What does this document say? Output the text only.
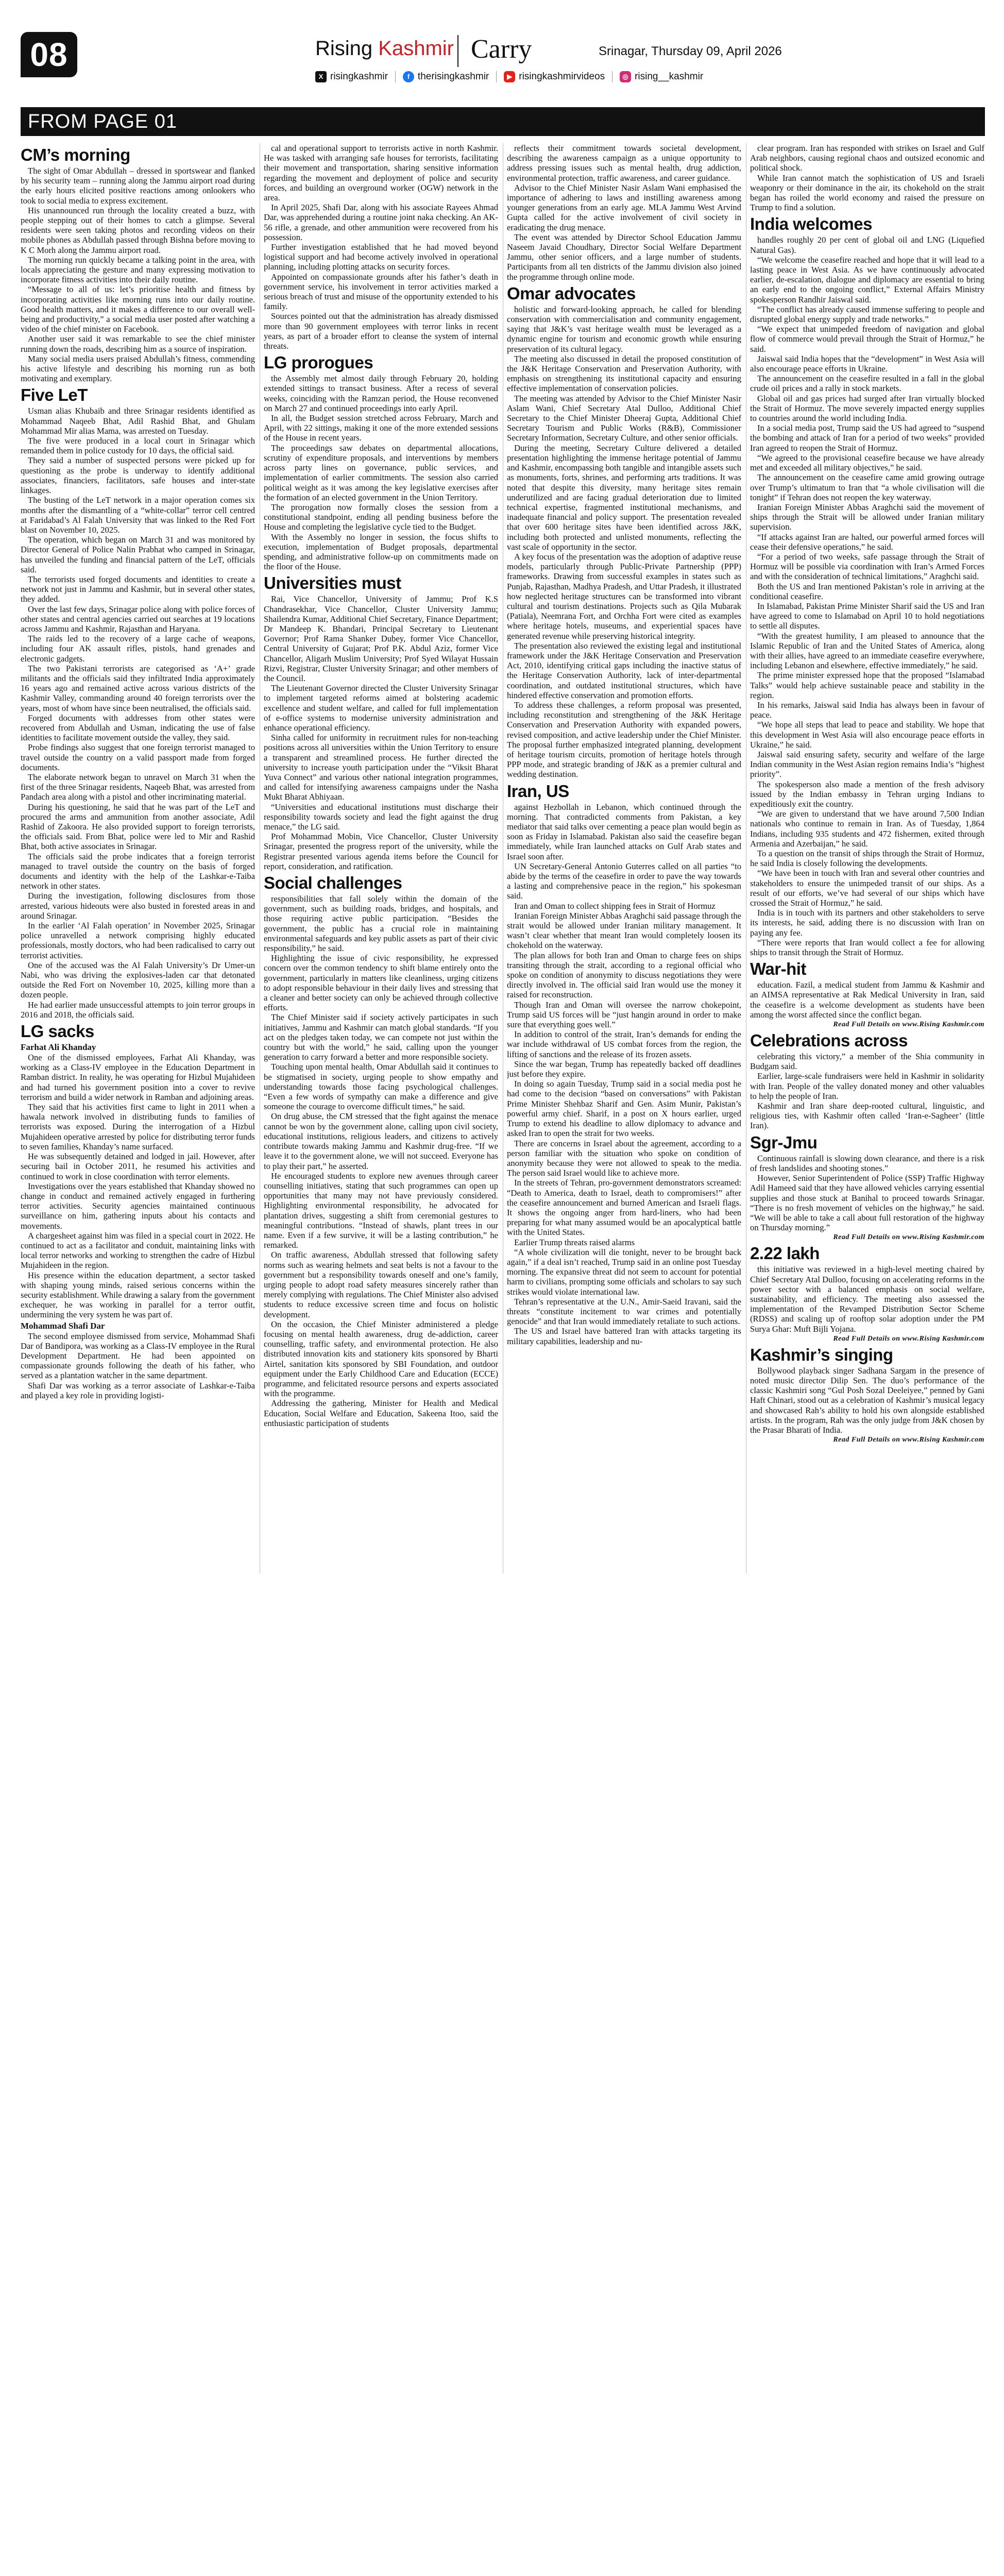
08	Rising Kashmir Carry	Srinagar, Thursday 09, April 2026
X risingkashmir	f therisingkashmir	▶ risingkashmirvideos	◎ rising__kashmir
FROM PAGE 01
CM’s morning

The sight of Omar Abdullah – dressed in sportswear and flanked by his security team – running along the Jammu airport road during the early hours elicited positive reactions among onlookers who took to social media to express excitement.

His unannounced run through the locality created a buzz, with people stepping out of their homes to catch a glimpse. Several residents were seen taking photos and recording videos on their mobile phones as Abdullah passed through Bishna before moving to K C Morh along the Jammu airport road.

The morning run quickly became a talking point in the area, with locals appreciating the gesture and many expressing motivation to incorporate fitness activities into their daily routine.

“Message to all of us: let’s prioritise health and fitness by incorporating activities like morning runs into our daily routine. Good health matters, and it makes a difference to our overall well-being and productivity,” a social media user posted after watching a video of the chief minister on Facebook.

Another user said it was remarkable to see the chief minister running down the roads, describing him as a source of inspiration.

Many social media users praised Abdullah’s fitness, commending his active lifestyle and describing his morning run as both motivating and exemplary.

Five LeT

Usman alias Khubaib and three Srinagar residents identified as Mohammad Naqeeb Bhat, Adil Rashid Bhat, and Ghulam Mohammad Mir alias Mama, was arrested on Tuesday.

The five were produced in a local court in Srinagar which remanded them in police custody for 10 days, the official said.

They said a number of suspected persons were picked up for questioning as the probe is underway to identify additional associates, financiers, facilitators, safe houses and inter-state linkages.

The busting of the LeT network in a major operation comes six months after the dismantling of a “white-collar” terror cell centred at Faridabad’s Al Falah University that was linked to the Red Fort blast on November 10, 2025.

The operation, which began on March 31 and was monitored by Director General of Police Nalin Prabhat who camped in Srinagar, has unveiled the funding and financial pattern of the LeT, officials said.

The terrorists used forged documents and identities to create a network not just in Jammu and Kashmir, but in several other states, they added.

Over the last few days, Srinagar police along with police forces of other states and central agencies carried out searches at 19 locations across Jammu and Kashmir, Rajasthan and Haryana.

The raids led to the recovery of a large cache of weapons, including four AK assault rifles, pistols, hand grenades and electronic gadgets.

The two Pakistani terrorists are categorised as ‘A+’ grade militants and the officials said they infiltrated India approximately 16 years ago and remained active across various districts of the Kashmir Valley, commanding around 40 foreign terrorists over the years, most of whom have since been neutralised, the officials said.

Forged documents with addresses from other states were recovered from Abdullah and Usman, indicating the use of false identities to facilitate movement outside the valley, they said.

Probe findings also suggest that one foreign terrorist managed to travel outside the country on a valid passport made from forged documents.

The elaborate network began to unravel on March 31 when the first of the three Srinagar residents, Naqeeb Bhat, was arrested from Pandach area along with a pistol and other incriminating material.

During his questioning, he said that he was part of the LeT and procured the arms and ammunition from another associate, Adil Rashid of Zakoora. He also provided support to foreign terrorists, the officials said. From Bhat, police were led to Mir and Rashid Bhat, both active associates in Srinagar.

The officials said the probe indicates that a foreign terrorist managed to travel outside the country on the basis of forged documents and identity with the help of the Lashkar-e-Taiba network in other states.

During the investigation, following disclosures from those arrested, various hideouts were also busted in forested areas in and around Srinagar.

In the earlier ‘Al Falah operation’ in November 2025, Srinagar police unravelled a network comprising highly educated professionals, mostly doctors, who had been radicalised to carry out terrorist activities.

One of the accused was the Al Falah University’s Dr Umer-un Nabi, who was driving the explosives-laden car that detonated outside the Red Fort on November 10, 2025, killing more than a dozen people.

He had earlier made unsuccessful attempts to join terror groups in 2016 and 2018, the officials said.

LG sacks
Farhat Ali Khanday

One of the dismissed employees, Farhat Ali Khanday, was working as a Class-IV employee in the Education Department in Ramban district. In reality, he was operating for Hizbul Mujahideen and had turned his government position into a cover to revive terrorism and build a wider network in Ramban and adjoining areas.

They said that his activities first came to light in 2011 when a hawala network involved in distributing funds to families of terrorists was exposed. During the interrogation of a Hizbul Mujahideen operative arrested by police for distributing terror funds to seven families, Khanday’s name surfaced.

He was subsequently detained and lodged in jail. However, after securing bail in October 2011, he resumed his activities and continued to work in close coordination with terror elements.

Investigations over the years established that Khanday showed no change in conduct and remained actively engaged in furthering terror activities. Security agencies maintained continuous surveillance on him, gathering inputs about his contacts and movements.

A chargesheet against him was filed in a special court in 2022. He continued to act as a facilitator and conduit, maintaining links with local terror networks and working to strengthen the cadre of Hizbul Mujahideen in the region.

His presence within the education department, a sector tasked with shaping young minds, raised serious concerns within the security establishment. While drawing a salary from the government exchequer, he was working in parallel for a terror outfit, undermining the very system he was part of.

Mohammad Shafi Dar

The second employee dismissed from service, Mohammad Shafi Dar of Bandipora, was working as a Class-IV employee in the Rural Development Department. He had been appointed on compassionate grounds following the death of his father, who served as a plantation watcher in the same department.

Shafi Dar was working as a terror associate of Lashkar-e-Taiba and played a key role in providing logisti-

cal and operational support to terrorists active in north Kashmir. He was tasked with arranging safe houses for terrorists, facilitating their movement and transportation, sharing sensitive information regarding the movement and deployment of police and security forces, and building an overground worker (OGW) network in the area.

In April 2025, Shafi Dar, along with his associate Rayees Ahmad Dar, was apprehended during a routine joint naka checking. An AK-56 rifle, a grenade, and other ammunition were recovered from his possession.

Further investigation established that he had moved beyond logistical support and had become actively involved in operational planning, including plotting attacks on security forces.

Appointed on compassionate grounds after his father’s death in government service, his involvement in terror activities marked a serious breach of trust and misuse of the opportunity extended to his family.

Sources pointed out that the administration has already dismissed more than 90 government employees with terror links in recent years, as part of a broader effort to cleanse the system of internal threats.

LG prorogues

the Assembly met almost daily through February 20, holding extended sittings to transact business. After a recess of several weeks, coinciding with the Ramzan period, the House reconvened on March 27 and continued proceedings into early April.

In all, the Budget session stretched across February, March and April, with 22 sittings, making it one of the more extended sessions of the House in recent years.

The proceedings saw debates on departmental allocations, scrutiny of expenditure proposals, and interventions by members across party lines on governance, public services, and implementation of earlier commitments. The session also carried political weight as it was among the key legislative exercises after the formation of an elected government in the Union Territory.

The prorogation now formally closes the session from a constitutional standpoint, ending all pending business before the House and completing the legislative cycle tied to the Budget.

With the Assembly no longer in session, the focus shifts to execution, implementation of Budget proposals, departmental spending, and administrative follow-up on commitments made on the floor of the House.

Universities must

Rai, Vice Chancellor, University of Jammu; Prof K.S Chandrasekhar, Vice Chancellor, Cluster University Jammu; Shailendra Kumar, Additional Chief Secretary, Finance Department; Dr Mandeep K. Bhandari, Principal Secretary to Lieutenant Governor; Prof Rama Shanker Dubey, former Vice Chancellor, Central University of Gujarat; Prof P.K. Abdul Aziz, former Vice Chancellor, Aligarh Muslim University; Prof Syed Wilayat Hussain Rizvi, Registrar, Cluster University Srinagar; and other members of the Council.

The Lieutenant Governor directed the Cluster University Srinagar to implement targeted reforms aimed at bolstering academic excellence and student welfare, and called for full implementation of e-office systems to modernise university administration and enhance operational efficiency.

Sinha called for uniformity in recruitment rules for non-teaching positions across all universities within the Union Territory to ensure a transparent and streamlined process. He further directed the university to increase youth participation under the “Viksit Bharat Yuva Connect” and various other national integration programmes, and called for intensifying awareness campaigns under the Nasha Mukt Bharat Abhiyaan.

“Universities and educational institutions must discharge their responsibility towards society and lead the fight against the drug menace,” the LG said.

Prof Mohammad Mobin, Vice Chancellor, Cluster University Srinagar, presented the progress report of the university, while the Registrar presented various agenda items before the Council for report, consideration, and ratification.

Social challenges

responsibilities that fall solely within the domain of the government, such as building roads, bridges, and hospitals, and those requiring active public participation. “Besides the government, the public has a crucial role in maintaining environmental safeguards and key public assets as part of their civic responsibility,” he said.

Highlighting the issue of civic responsibility, he expressed concern over the common tendency to shift blame entirely onto the government, particularly in matters like cleanliness, urging citizens to adopt responsible behaviour in their daily lives and stressing that a cleaner and better society can only be achieved through collective efforts.

The Chief Minister said if society actively participates in such initiatives, Jammu and Kashmir can match global standards. “If you act on the pledges taken today, we can compete not just within the country but with the world,” he said, calling upon the younger generation to carry forward a better and more responsible society.

Touching upon mental health, Omar Abdullah said it continues to be stigmatised in society, urging people to show empathy and understanding towards those facing psychological challenges. “Even a few words of sympathy can make a difference and give someone the courage to overcome difficult times,” he said.

On drug abuse, the CM stressed that the fight against the menace cannot be won by the government alone, calling upon civil society, educational institutions, religious leaders, and citizens to actively contribute towards making Jammu and Kashmir drug-free. “If we leave it to the government alone, we will not succeed. Everyone has to play their part,” he asserted.

He encouraged students to explore new avenues through career counselling initiatives, stating that such programmes can open up opportunities that many may not have previously considered. Highlighting environmental responsibility, he advocated for plantation drives, suggesting a shift from ceremonial gestures to meaningful contributions. “Instead of shawls, plant trees in our name. Even if a few survive, it will be a lasting contribution,” he remarked.

On traffic awareness, Abdullah stressed that following safety norms such as wearing helmets and seat belts is not a favour to the government but a responsibility towards oneself and one’s family, urging people to adopt road safety measures sincerely rather than merely complying with regulations. The Chief Minister also advised students to reduce excessive screen time and focus on holistic development.

On the occasion, the Chief Minister administered a pledge focusing on mental health awareness, drug de-addiction, career counselling, traffic safety, and environmental protection. He also distributed innovation kits and stationery kits sponsored by Bharti Airtel, sanitation kits sponsored by SBI Foundation, and outdoor equipment under the Early Childhood Care and Education (ECCE) programme, and felicitated resource persons and experts associated with the programme.

Addressing the gathering, Minister for Health and Medical Education, Social Welfare and Education, Sakeena Itoo, said the enthusiastic participation of students

reflects their commitment towards societal development, describing the awareness campaign as a unique opportunity to address pressing issues such as mental health, drug addiction, environmental protection, traffic awareness, and career guidance.

Advisor to the Chief Minister Nasir Aslam Wani emphasised the importance of adhering to laws and instilling awareness among younger generations from an early age. MLA Jammu West Arvind Gupta called for the active involvement of civil society in eradicating the drug menace.

The event was attended by Director School Education Jammu Naseem Javaid Choudhary, Director Social Welfare Department Jammu, other senior officers, and a large number of students. Participants from all ten districts of the Jammu division also joined the programme through online mode.

Omar advocates

holistic and forward-looking approach, he called for blending conservation with commercialisation and community engagement, saying that J&K’s vast heritage wealth must be leveraged as a dynamic engine for tourism and economic growth while ensuring preservation of its cultural legacy.

The meeting also discussed in detail the proposed constitution of the J&K Heritage Conservation and Preservation Authority, with emphasis on strengthening its institutional capacity and ensuring effective implementation of conservation policies.

The meeting was attended by Advisor to the Chief Minister Nasir Aslam Wani, Chief Secretary Atal Dulloo, Additional Chief Secretary to the Chief Minister Dheeraj Gupta, Additional Chief Secretary Tourism and Public Works (R&B), Commissioner Secretary Information, Secretary Culture, and other senior officials.

During the meeting, Secretary Culture delivered a detailed presentation highlighting the immense heritage potential of Jammu and Kashmir, encompassing both tangible and intangible assets such as monuments, forts, shrines, and performing arts traditions. It was noted that despite this diversity, many heritage sites remain underutilized and are facing gradual deterioration due to limited technical expertise, fragmented institutional mechanisms, and inadequate financial and policy support. The presentation revealed that over 600 heritage sites have been identified across J&K, including both protected and unlisted monuments, reflecting the vast scale of opportunity in the sector.

A key focus of the presentation was the adoption of adaptive reuse models, particularly through Public-Private Partnership (PPP) frameworks. Drawing from successful examples in states such as Punjab, Rajasthan, Madhya Pradesh, and Uttar Pradesh, it illustrated how neglected heritage structures can be transformed into vibrant cultural and tourism destinations. Projects such as Qila Mubarak (Patiala), Neemrana Fort, and Orchha Fort were cited as examples where heritage hotels, museums, and experiential spaces have generated revenue while preserving historical integrity.

The presentation also reviewed the existing legal and institutional framework under the J&K Heritage Conservation and Preservation Act, 2010, identifying critical gaps including the inactive status of the Heritage Conservation Authority, lack of inter-departmental coordination, and outdated institutional structures, which have hindered effective conservation and promotion efforts.

To address these challenges, a reform proposal was presented, including reconstitution and strengthening of the J&K Heritage Conservation and Preservation Authority with expanded powers, revised composition, and active leadership under the Chief Minister. The proposal further emphasized integrated planning, development of heritage tourism circuits, promotion of heritage hotels through PPP mode, and strategic branding of J&K as a premier cultural and wedding destination.

Iran, US

against Hezbollah in Lebanon, which continued through the morning. That contradicted comments from Pakistan, a key mediator that said talks over cementing a peace plan would begin as soon as Friday in Islamabad. Pakistan also said the ceasefire began immediately, while Iran launched attacks on Gulf Arab states and Israel soon after.

UN Secretary-General Antonio Guterres called on all parties “to abide by the terms of the ceasefire in order to pave the way towards a lasting and comprehensive peace in the region,” his spokesman said.

Iran and Oman to collect shipping fees in Strait of Hormuz

Iranian Foreign Minister Abbas Araghchi said passage through the strait would be allowed under Iranian military management. It wasn’t clear whether that meant Iran would completely loosen its chokehold on the waterway.

The plan allows for both Iran and Oman to charge fees on ships transiting through the strait, according to a regional official who spoke on condition of anonymity to discuss negotiations they were directly involved in. The official said Iran would use the money it raised for reconstruction.

Though Iran and Oman will oversee the narrow chokepoint, Trump said US forces will be “just hangin around in order to make sure that everything goes well.”

In addition to control of the strait, Iran’s demands for ending the war include withdrawal of US combat forces from the region, the lifting of sanctions and the release of its frozen assets.

Since the war began, Trump has repeatedly backed off deadlines just before they expire.

In doing so again Tuesday, Trump said in a social media post he had come to the decision “based on conversations” with Pakistan Prime Minister Shehbaz Sharif and Gen. Asim Munir, Pakistan’s powerful army chief. Sharif, in a post on X hours earlier, urged Trump to extend his deadline to allow diplomacy to advance and asked Iran to open the strait for two weeks.

There are concerns in Israel about the agreement, according to a person familiar with the situation who spoke on condition of anonymity because they were not allowed to speak to the media. The person said Israel would like to achieve more.

In the streets of Tehran, pro-government demonstrators screamed: “Death to America, death to Israel, death to compromisers!” after the ceasefire announcement and burned American and Israeli flags. It shows the ongoing anger from hard-liners, who had been preparing for what many assumed would be an apocalyptical battle with the United States.

Earlier Trump threats raised alarms

“A whole civilization will die tonight, never to be brought back again,” if a deal isn’t reached, Trump said in an online post Tuesday morning. The expansive threat did not seem to account for potential harm to civilians, prompting some officials and scholars to say such strikes would violate international law.

Tehran’s representative at the U.N., Amir-Saeid Iravani, said the threats “constitute incitement to war crimes and potentially genocide” and that Iran would immediately retaliate to such actions.

The US and Israel have battered Iran with attacks targeting its military capabilities, leadership and nu-

clear program. Iran has responded with strikes on Israel and Gulf Arab neighbors, causing regional chaos and outsized economic and political shock.

While Iran cannot match the sophistication of US and Israeli weaponry or their dominance in the air, its chokehold on the strait began has roiled the world economy and raised the pressure on Trump to find a solution.

India welcomes

handles roughly 20 per cent of global oil and LNG (Liquefied Natural Gas).

“We welcome the ceasefire reached and hope that it will lead to a lasting peace in West Asia. As we have continuously advocated earlier, de-escalation, dialogue and diplomacy are essential to bring an early end to the ongoing conflict,” External Affairs Ministry spokesperson Randhir Jaiswal said.

“The conflict has already caused immense suffering to people and disrupted global energy supply and trade networks.”

“We expect that unimpeded freedom of navigation and global flow of commerce would prevail through the Strait of Hormuz,” he said.

Jaiswal said India hopes that the “development” in West Asia will also encourage peace efforts in Ukraine.

The announcement on the ceasefire resulted in a fall in the global crude oil prices and a rally in stock markets.

Global oil and gas prices had surged after Iran virtually blocked the Strait of Hormuz. The move severely impacted energy supplies to countries around the world including India.

In a social media post, Trump said the US had agreed to “suspend the bombing and attack of Iran for a period of two weeks” provided Iran agreed to reopen the Strait of Hormuz.

“We agreed to the provisional ceasefire because we have already met and exceeded all military objectives,” he said.

The announcement on the ceasefire came amid growing outrage over Trump’s ultimatum to Iran that “a whole civilisation will die tonight” if Tehran does not reopen the key waterway.

Iranian Foreign Minister Abbas Araghchi said the movement of ships through the Strait will be allowed under Iranian military supervision.

“If attacks against Iran are halted, our powerful armed forces will cease their defensive operations,” he said.

“For a period of two weeks, safe passage through the Strait of Hormuz will be possible via coordination with Iran’s Armed Forces and with the consideration of technical limitations,” Araghchi said.

Both the US and Iran mentioned Pakistan’s role in arriving at the conditional ceasefire.

In Islamabad, Pakistan Prime Minister Sharif said the US and Iran have agreed to come to Islamabad on April 10 to hold negotiations to settle all disputes.

“With the greatest humility, I am pleased to announce that the Islamic Republic of Iran and the United States of America, along with their allies, have agreed to an immediate ceasefire everywhere, including Lebanon and elsewhere, effective immediately,” he said.

The prime minister expressed hope that the proposed “Islamabad Talks” would help achieve sustainable peace and stability in the region.

In his remarks, Jaiswal said India has always been in favour of peace.

“We hope all steps that lead to peace and stability. We hope that this development in West Asia will also encourage peace efforts in Ukraine,” he said.

Jaiswal said ensuring safety, security and welfare of the large Indian community in the West Asian region remains India’s “highest priority”.

The spokesperson also made a mention of the fresh advisory issued by the Indian embassy in Tehran urging Indians to expeditiously exit the country.

“We are given to understand that we have around 7,500 Indian nationals who continue to remain in Iran. As of Tuesday, 1,864 Indians, including 935 students and 472 fishermen, exited through Armenia and Azerbaijan,” he said.

To a question on the transit of ships through the Strait of Hormuz, he said India is closely following the developments.

“We have been in touch with Iran and several other countries and stakeholders to ensure the unimpeded transit of our ships. As a result of our efforts, we’ve had several of our ships which have crossed the Strait of Hormuz,” he said.

India is in touch with its partners and other stakeholders to serve its interests, he said, adding there is no discussion with Iran on paying any fee.

“There were reports that Iran would collect a fee for allowing ships to transit through the Strait of Hormuz.

War-hit

education. Fazil, a medical student from Jammu & Kashmir and an AIMSA representative at Rak Medical University in Iran, said the ceasefire is a welcome development as students have been among the worst affected since the conflict began.

Read Full Details on www.Rising Kashmir.com
Celebrations across

celebrating this victory,” a member of the Shia community in Budgam said.

Earlier, large-scale fundraisers were held in Kashmir in solidarity with Iran. People of the valley donated money and other valuables to help the people of Iran.

Kashmir and Iran share deep-rooted cultural, linguistic, and religious ties, with Kashmir often called ‘Iran-e-Sagheer’ (little Iran).

Sgr-Jmu

Continuous rainfall is slowing down clearance, and there is a risk of fresh landslides and shooting stones.”

However, Senior Superintendent of Police (SSP) Traffic Highway Adil Hameed said that they have allowed vehicles carrying essential supplies and those stuck at Banihal to proceed towards Srinagar. “There is no fresh movement of vehicles on the highway,” he said. “We will be able to take a call about full restoration of the highway on Thursday morning.”

Read Full Details on www.Rising Kashmir.com
2.22 lakh

this initiative was reviewed in a high-level meeting chaired by Chief Secretary Atal Dulloo, focusing on accelerating reforms in the power sector with a balanced emphasis on social welfare, sustainability, and efficiency. The meeting also assessed the implementation of the Revamped Distribution Sector Scheme (RDSS) and scaling up of rooftop solar adoption under the PM Surya Ghar: Muft Bijli Yojana.

Read Full Details on www.Rising Kashmir.com
Kashmir’s singing

Bollywood playback singer Sadhana Sargam in the presence of noted music director Dilip Sen. The duo’s performance of the classic Kashmiri song “Gul Posh Sozal Deeleiyee,” penned by Gani Haft Chinari, stood out as a celebration of Kashmir’s musical legacy and showcased Rah’s ability to hold his own alongside established artists. In the program, Rah was the only judge from J&K chosen by the Prasar Bharati of India.

Read Full Details on www.Rising Kashmir.com
